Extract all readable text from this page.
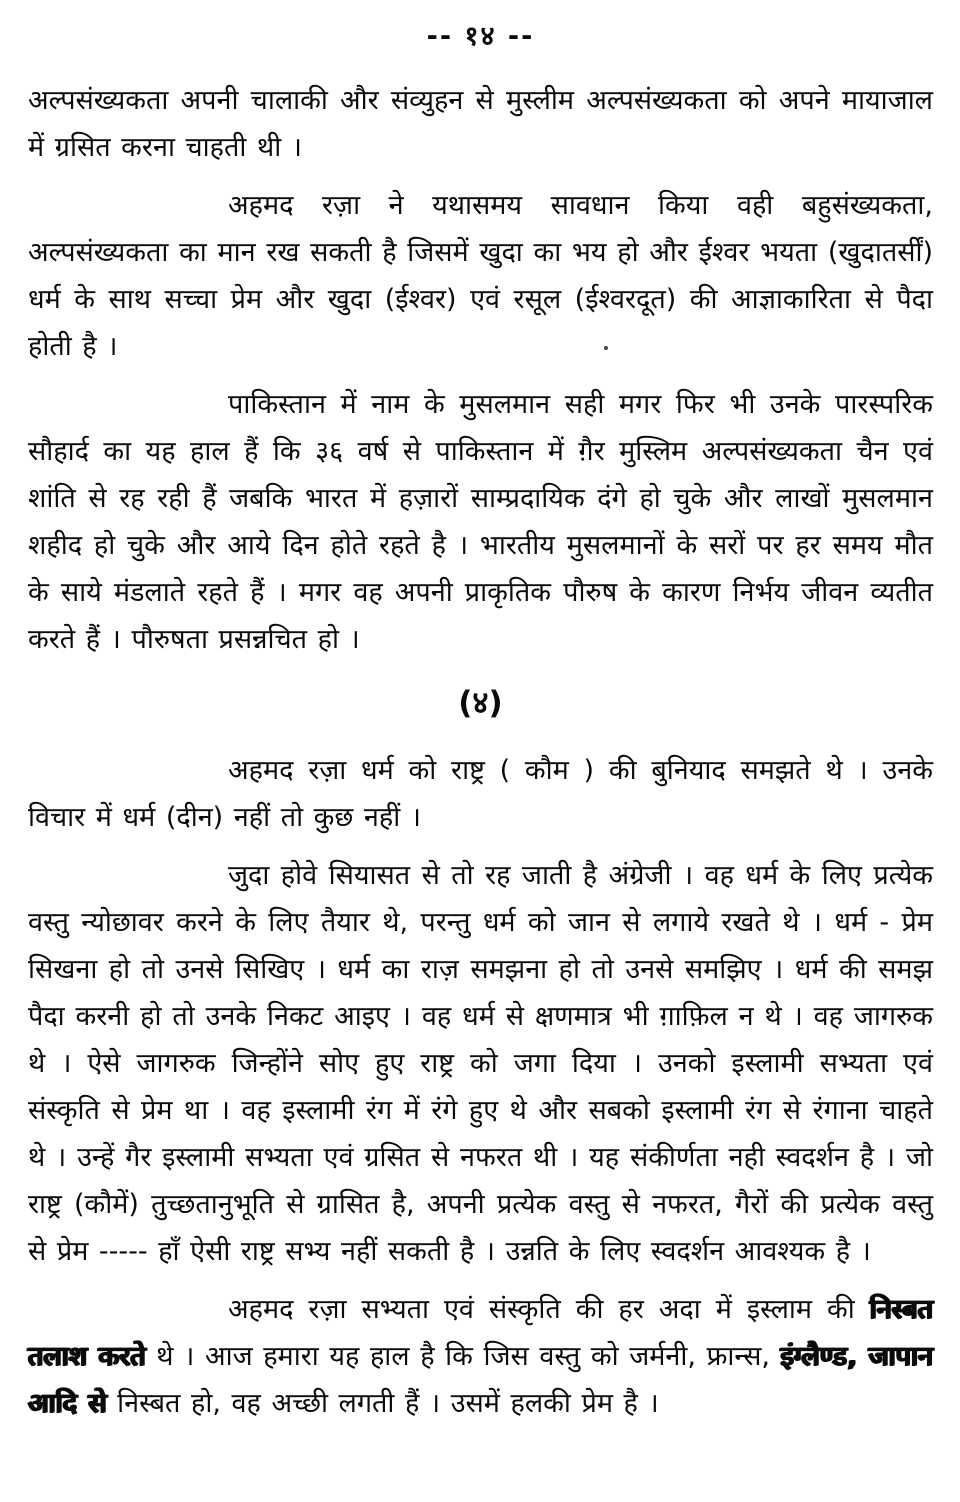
-- १४ --

अल्पसंख्यकता अपनी चालाकी और संव्युहन से मुस्लीम अल्पसंख्यकता को अपने मायाजाल में ग्रसित करना चाहती थी ।

अहमद रज़ा ने यथासमय सावधान किया वही बहुसंख्यकता, अल्पसंख्यकता का मान रख सकती है जिसमें खुदा का भय हो और ईश्वर भयता (खुदातर्सीं) धर्म के साथ सच्चा प्रेम और खुदा (ईश्वर) एवं रसूल (ईश्वरदूत) की आज्ञाकारिता से पैदा होती है ।

पाकिस्तान में नाम के मुसलमान सही मगर फिर भी उनके पारस्परिक सौहार्द का यह हाल हैं कि ३६ वर्ष से पाकिस्तान में ग़ैर मुस्लिम अल्पसंख्यकता चैन एवं शांति से रह रही हैं जबकि भारत में हज़ारों साम्प्रदायिक दंगे हो चुके और लाखों मुसलमान शहीद हो चुके और आये दिन होते रहते है । भारतीय मुसलमानों के सरों पर हर समय मौत के साये मंडलाते रहते हैं । मगर वह अपनी प्राकृतिक पौरुष के कारण निर्भय जीवन व्यतीत करते हैं । पौरुषता प्रसन्नचित हो ।

(४)

अहमद रज़ा धर्म को राष्ट्र ( कौम ) की बुनियाद समझते थे । उनके विचार में धर्म (दीन) नहीं तो कुछ नहीं ।

जुदा होवे सियासत से तो रह जाती है अंग्रेजी । वह धर्म के लिए प्रत्येक वस्तु न्योछावर करने के लिए तैयार थे, परन्तु धर्म को जान से लगाये रखते थे । धर्म - प्रेम सिखना हो तो उनसे सिखिए । धर्म का राज़ समझना हो तो उनसे समझिए । धर्म की समझ पैदा करनी हो तो उनके निकट आइए । वह धर्म से क्षणमात्र भी ग़ाफ़िल न थे । वह जागरुक थे । ऐसे जागरुक जिन्होंने सोए हुए राष्ट्र को जगा दिया । उनको इस्लामी सभ्यता एवं संस्कृति से प्रेम था । वह इस्लामी रंग में रंगे हुए थे और सबको इस्लामी रंग से रंगाना चाहते थे । उन्हें गैर इस्लामी सभ्यता एवं ग्रसित से नफरत थी । यह संकीर्णता नही स्वदर्शन है । जो राष्ट्र (कौमें) तुच्छतानुभूति से ग्रासित है, अपनी प्रत्येक वस्तु से नफरत, गैरों की प्रत्येक वस्तु से प्रेम ----- हाँ ऐसी राष्ट्र सभ्य नहीं सकती है । उन्नति के लिए स्वदर्शन आवश्यक है ।

अहमद रज़ा सभ्यता एवं संस्कृति की हर अदा में इस्लाम की निस्बत तलाश करते थे । आज हमारा यह हाल है कि जिस वस्तु को जर्मनी, फ्रान्स, इंग्लैण्ड, जापान आदि से निस्बत हो, वह अच्छी लगती हैं । उसमें हलकी प्रेम है ।
